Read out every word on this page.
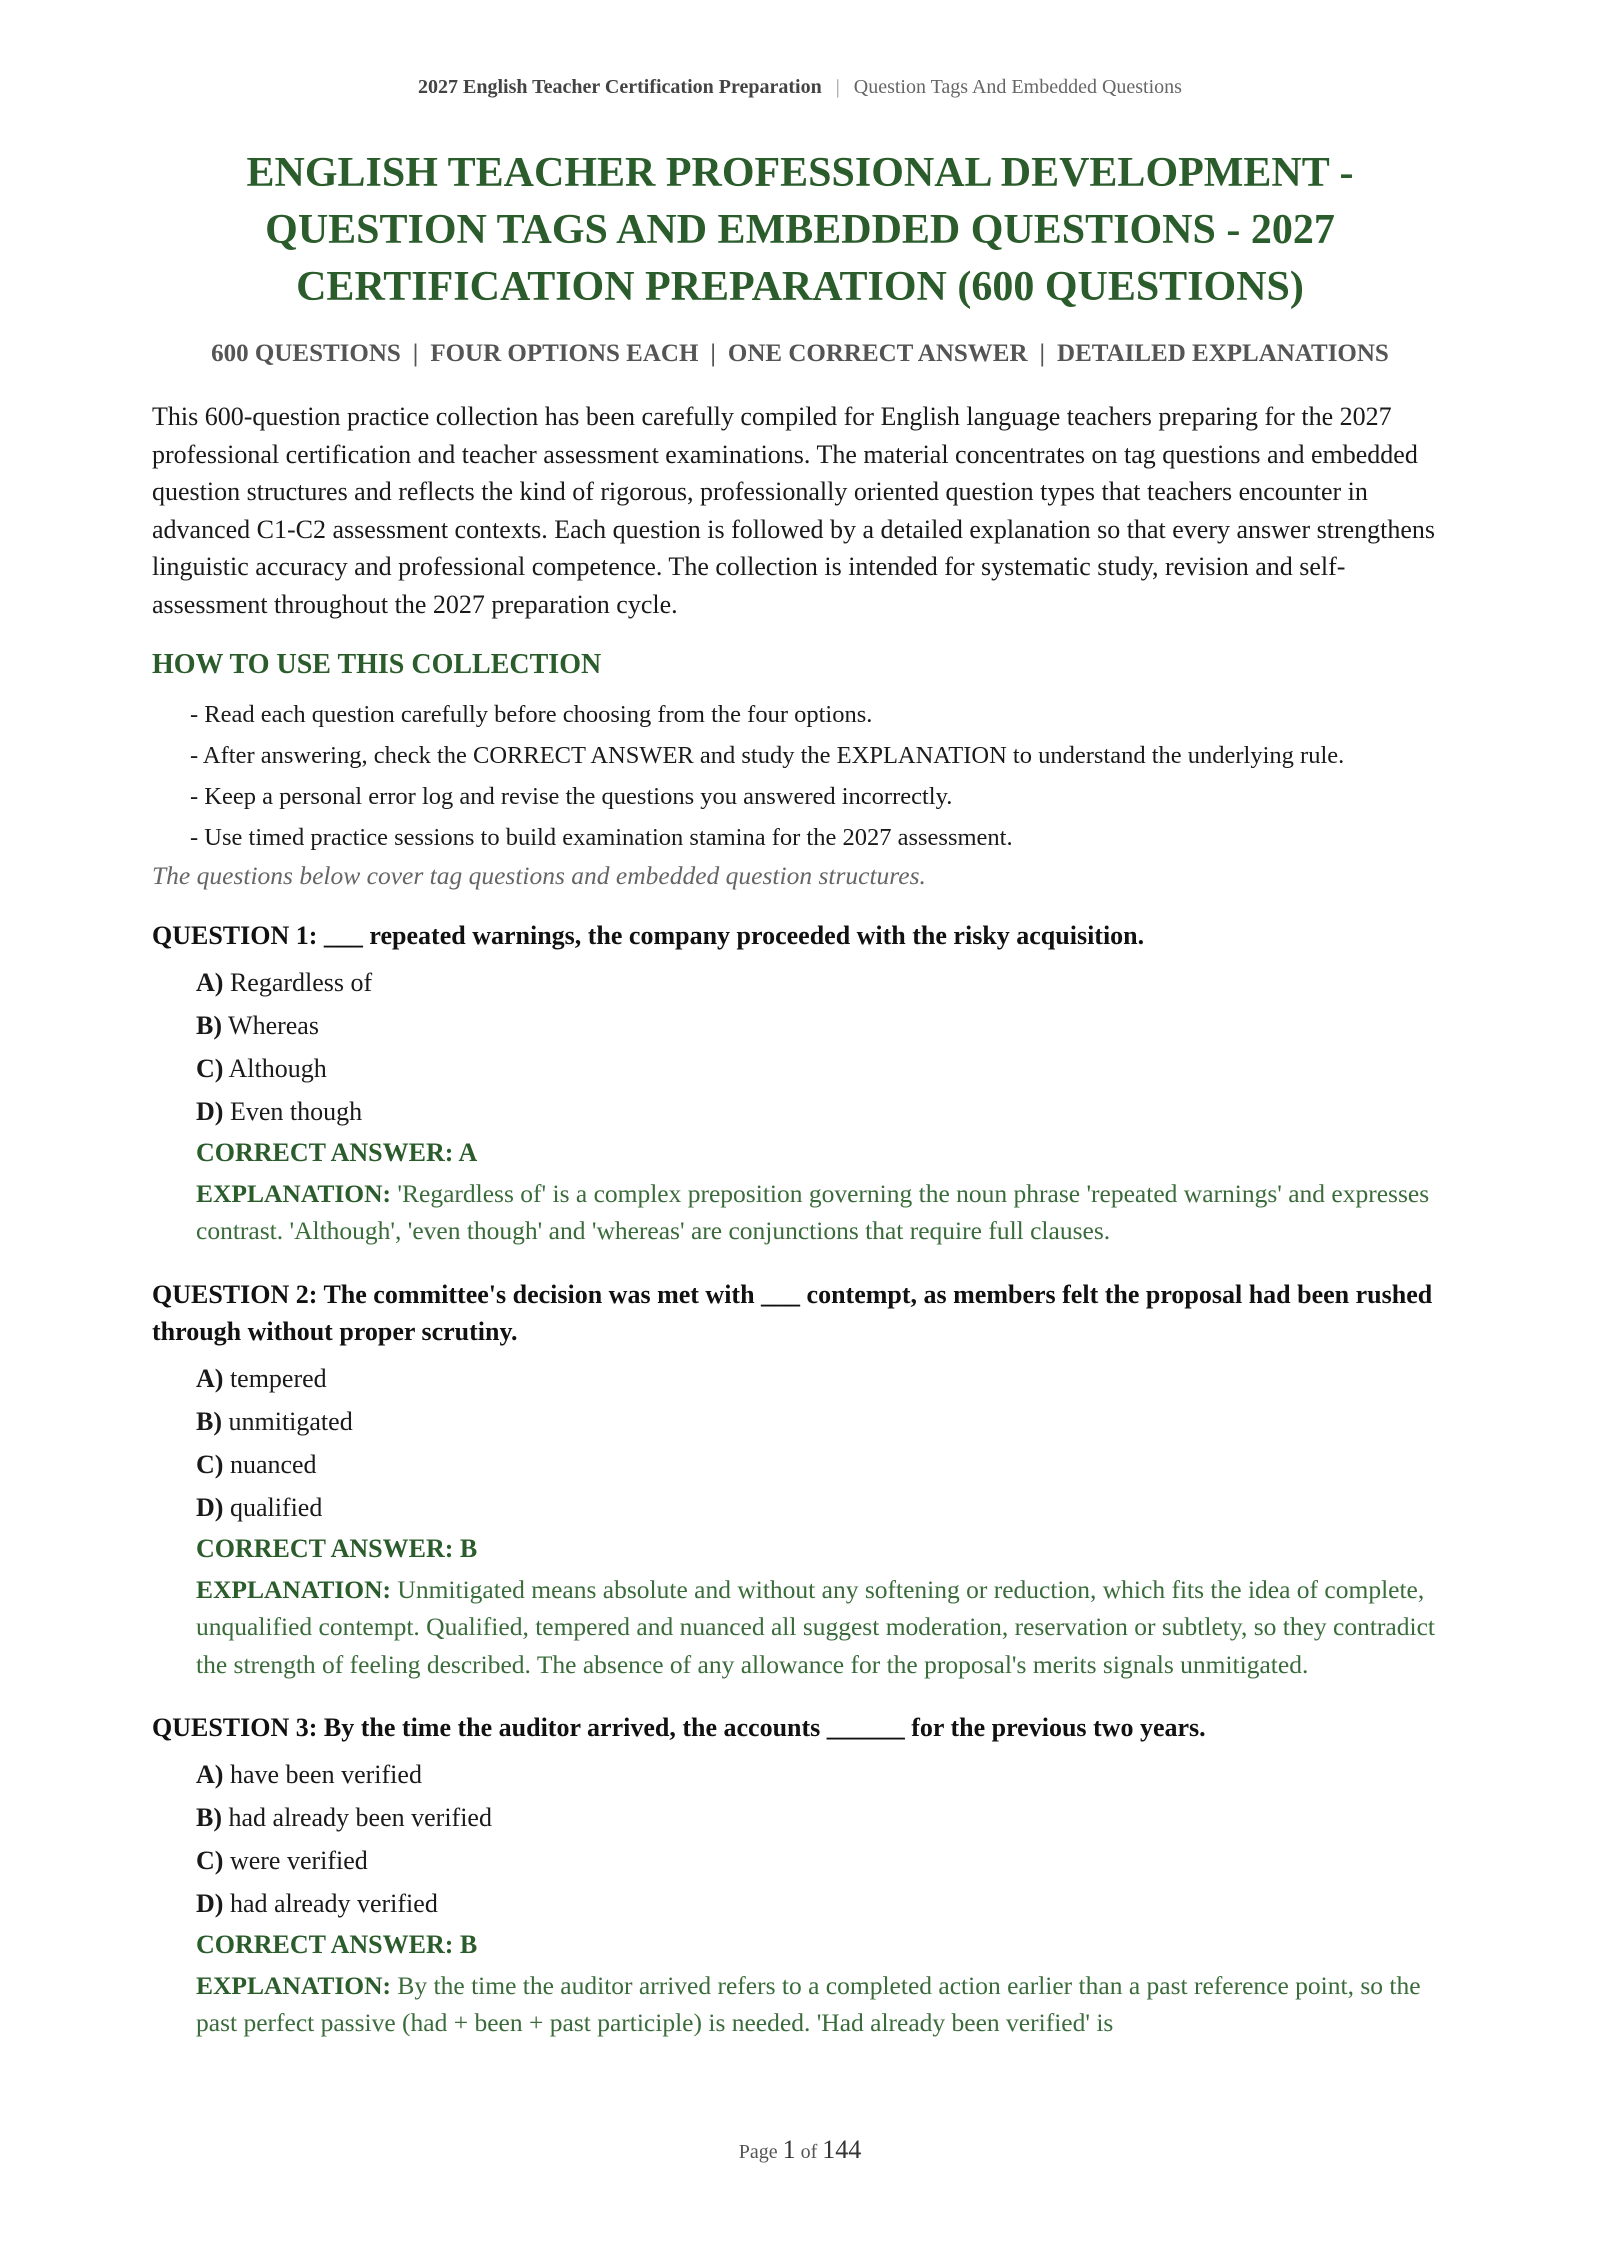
2027 English Teacher Certification Preparation | Question Tags And Embedded Questions
ENGLISH TEACHER PROFESSIONAL DEVELOPMENT - QUESTION TAGS AND EMBEDDED QUESTIONS - 2027 CERTIFICATION PREPARATION (600 QUESTIONS)
600 QUESTIONS | FOUR OPTIONS EACH | ONE CORRECT ANSWER | DETAILED EXPLANATIONS

This 600-question practice collection has been carefully compiled for English language teachers preparing for the 2027 professional certification and teacher assessment examinations. The material concentrates on tag questions and embedded question structures and reflects the kind of rigorous, professionally oriented question types that teachers encounter in advanced C1-C2 assessment contexts. Each question is followed by a detailed explanation so that every answer strengthens linguistic accuracy and professional competence. The collection is intended for systematic study, revision and self-assessment throughout the 2027 preparation cycle.

HOW TO USE THIS COLLECTION
- Read each question carefully before choosing from the four options.
- After answering, check the CORRECT ANSWER and study the EXPLANATION to understand the underlying rule.
- Keep a personal error log and revise the questions you answered incorrectly.
- Use timed practice sessions to build examination stamina for the 2027 assessment.
The questions below cover tag questions and embedded question structures.
QUESTION 1: ___ repeated warnings, the company proceeded with the risky acquisition.
A) Regardless of
B) Whereas
C) Although
D) Even though
CORRECT ANSWER: A
EXPLANATION: 'Regardless of' is a complex preposition governing the noun phrase 'repeated warnings' and expresses contrast. 'Although', 'even though' and 'whereas' are conjunctions that require full clauses.
QUESTION 2: The committee's decision was met with ___ contempt, as members felt the proposal had been rushed through without proper scrutiny.
A) tempered
B) unmitigated
C) nuanced
D) qualified
CORRECT ANSWER: B
EXPLANATION: Unmitigated means absolute and without any softening or reduction, which fits the idea of complete, unqualified contempt. Qualified, tempered and nuanced all suggest moderation, reservation or subtlety, so they contradict the strength of feeling described. The absence of any allowance for the proposal's merits signals unmitigated.
QUESTION 3: By the time the auditor arrived, the accounts ______ for the previous two years.
A) have been verified
B) had already been verified
C) were verified
D) had already verified
CORRECT ANSWER: B
EXPLANATION: By the time the auditor arrived refers to a completed action earlier than a past reference point, so the past perfect passive (had + been + past participle) is needed. 'Had already been verified' is
Page 1 of 144
